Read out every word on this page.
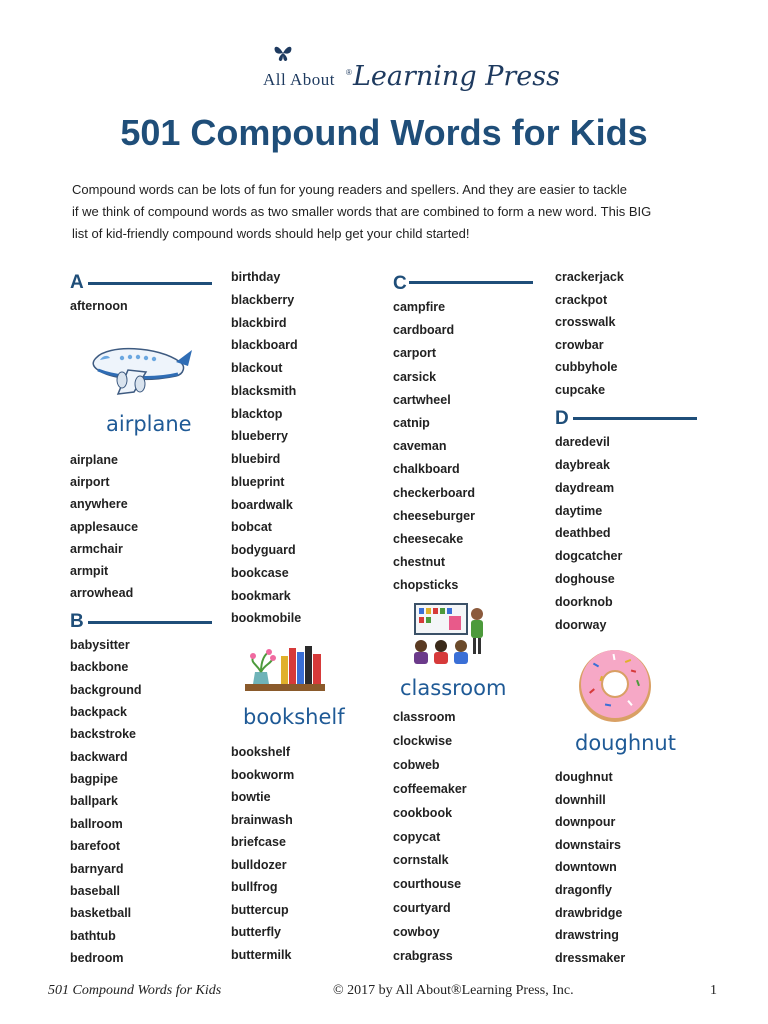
All About ® Learning Press
501 Compound Words for Kids
Compound words can be lots of fun for young readers and spellers. And they are easier to tackle
if we think of compound words as two smaller words that are combined to form a new word. This BIG
list of kid-friendly compound words should help get your child started!
A
afternoon
airplane
airplane
airport
anywhere
applesauce
armchair
armpit
arrowhead
B
babysitter
backbone
background
backpack
backstroke
backward
bagpipe
ballpark
ballroom
barefoot
barnyard
baseball
basketball
bathtub
bedroom
birthday
blackberry
blackbird
blackboard
blackout
blacksmith
blacktop
blueberry
bluebird
blueprint
boardwalk
bobcat
bodyguard
bookcase
bookmark
bookmobile
bookshelf
bookshelf
bookworm
bowtie
brainwash
briefcase
bulldozer
bullfrog
buttercup
butterfly
buttermilk
C
campfire
cardboard
carport
carsick
cartwheel
catnip
caveman
chalkboard
checkerboard
cheeseburger
cheesecake
chestnut
chopsticks
classroom
classroom
clockwise
cobweb
coffeemaker
cookbook
copycat
cornstalk
courthouse
courtyard
cowboy
crabgrass
crackerjack
crackpot
crosswalk
crowbar
cubbyhole
cupcake
D
daredevil
daybreak
daydream
daytime
deathbed
dogcatcher
doghouse
doorknob
doorway
doughnut
doughnut
downhill
downpour
downstairs
downtown
dragonfly
drawbridge
drawstring
dressmaker
501 Compound Words for Kids	© 2017 by All About®Learning Press, Inc.	1
